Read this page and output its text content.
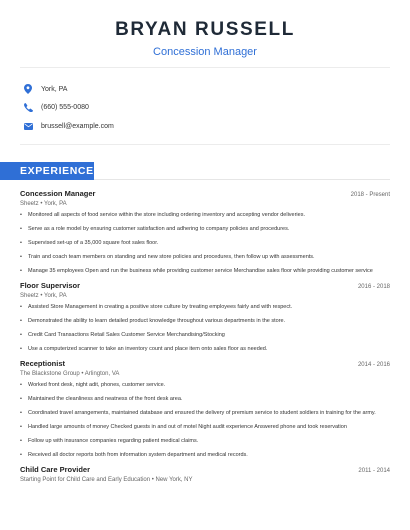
BRYAN RUSSELL
Concession Manager
York, PA
(660) 555-0080
brussell@example.com
EXPERIENCE
Concession Manager	2018 - Present
Sheetz • York, PA
•	Monitored all aspects of food service within the store including ordering inventory and accepting vendor deliveries.
•	Serve as a role model by ensuring customer satisfaction and adhering to company policies and procedures.
•	Supervised set-up of a 35,000 square foot sales floor.
•	Train and coach team members on standing and new store policies and procedures, then follow up with assessments.
•	Manage 35 employees Open and run the business while providing customer service Merchandise sales floor while providing customer service
Floor Supervisor	2016 - 2018
Sheetz • York, PA
•	Assisted Store Management in creating a positive store culture by treating employees fairly and with respect.
•	Demonstrated the ability to learn detailed product knowledge throughout various departments in the store.
•	Credit Card Transactions Retail Sales Customer Service Merchandising/Stocking
•	Use a computerized scanner to take an inventory count and place item onto sales floor as needed.
Receptionist	2014 - 2016
The Blackstone Group • Arlington, VA
•	Worked front desk, night adit, phones, customer service.
•	Maintained the cleanliness and neatness of the front desk area.
•	Coordinated travel arrangements, maintained database and ensured the delivery of premium service to student soldiers in training for the army.
•	Handled large amounts of money Checked guests in and out of motel Night audit experience Answered phone and took reservation
•	Follow up with insurance companies regarding patient medical claims.
•	Received all doctor reports both from information system department and medical records.
Child Care Provider	2011 - 2014
Starting Point for Child Care and Early Education • New York, NY
